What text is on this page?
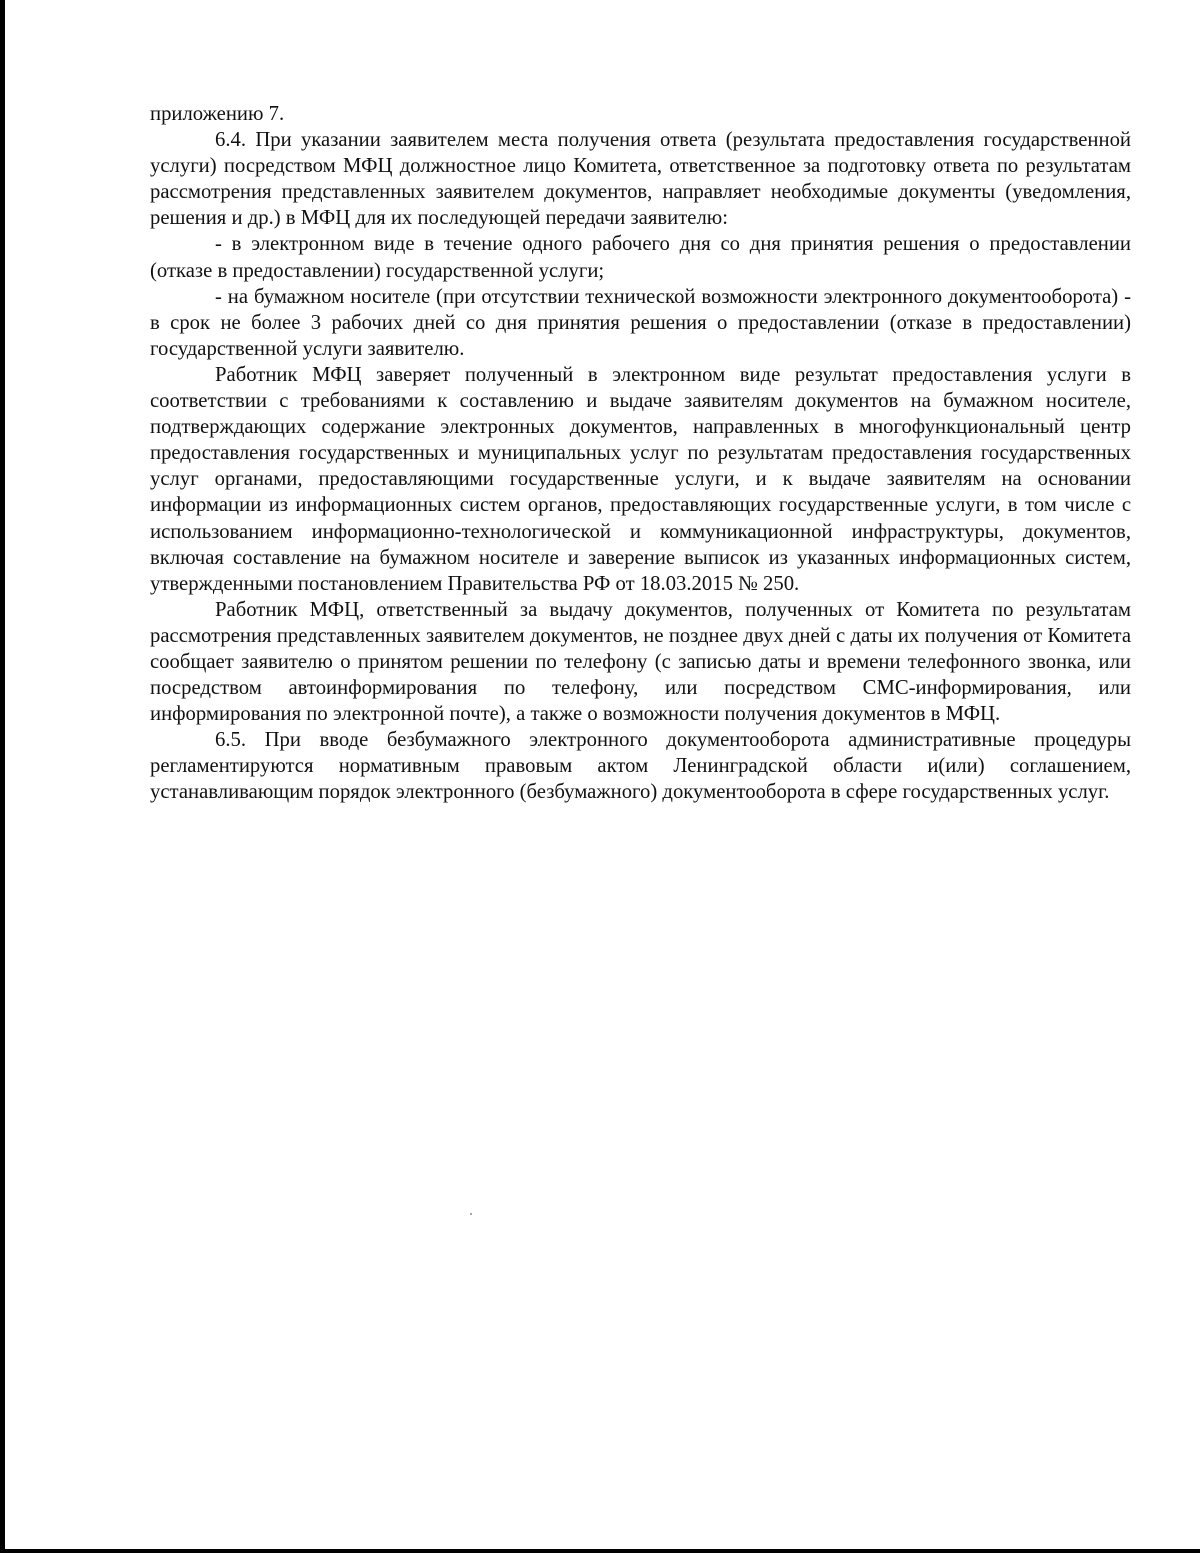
приложению 7.

6.4. При указании заявителем места получения ответа (результата предоставления государственной услуги) посредством МФЦ должностное лицо Комитета, ответственное за подготовку ответа по результатам рассмотрения представленных заявителем документов, направляет необходимые документы (уведомления, решения и др.) в МФЦ для их последующей передачи заявителю:

- в электронном виде в течение одного рабочего дня со дня принятия решения о предоставлении (отказе в предоставлении) государственной услуги;

- на бумажном носителе (при отсутствии технической возможности электронного документооборота) - в срок не более 3 рабочих дней со дня принятия решения о предоставлении (отказе в предоставлении) государственной услуги заявителю.

Работник МФЦ заверяет полученный в электронном виде результат предоставления услуги в соответствии с требованиями к составлению и выдаче заявителям документов на бумажном носителе, подтверждающих содержание электронных документов, направленных в многофункциональный центр предоставления государственных и муниципальных услуг по результатам предоставления государственных услуг органами, предоставляющими государственные услуги, и к выдаче заявителям на основании информации из информационных систем органов, предоставляющих государственные услуги, в том числе с использованием информационно-технологической и коммуникационной инфраструктуры, документов, включая составление на бумажном носителе и заверение выписок из указанных информационных систем, утвержденными постановлением Правительства РФ от 18.03.2015 № 250.

Работник МФЦ, ответственный за выдачу документов, полученных от Комитета по результатам рассмотрения представленных заявителем документов, не позднее двух дней с даты их получения от Комитета сообщает заявителю о принятом решении по телефону (с записью даты и времени телефонного звонка, или посредством автоинформирования по телефону, или посредством СМС-информирования, или информирования по электронной почте), а также о возможности получения документов в МФЦ.

6.5. При вводе безбумажного электронного документооборота административные процедуры регламентируются нормативным правовым актом Ленинградской области и(или) соглашением, устанавливающим порядок электронного (безбумажного) документооборота в сфере государственных услуг.
